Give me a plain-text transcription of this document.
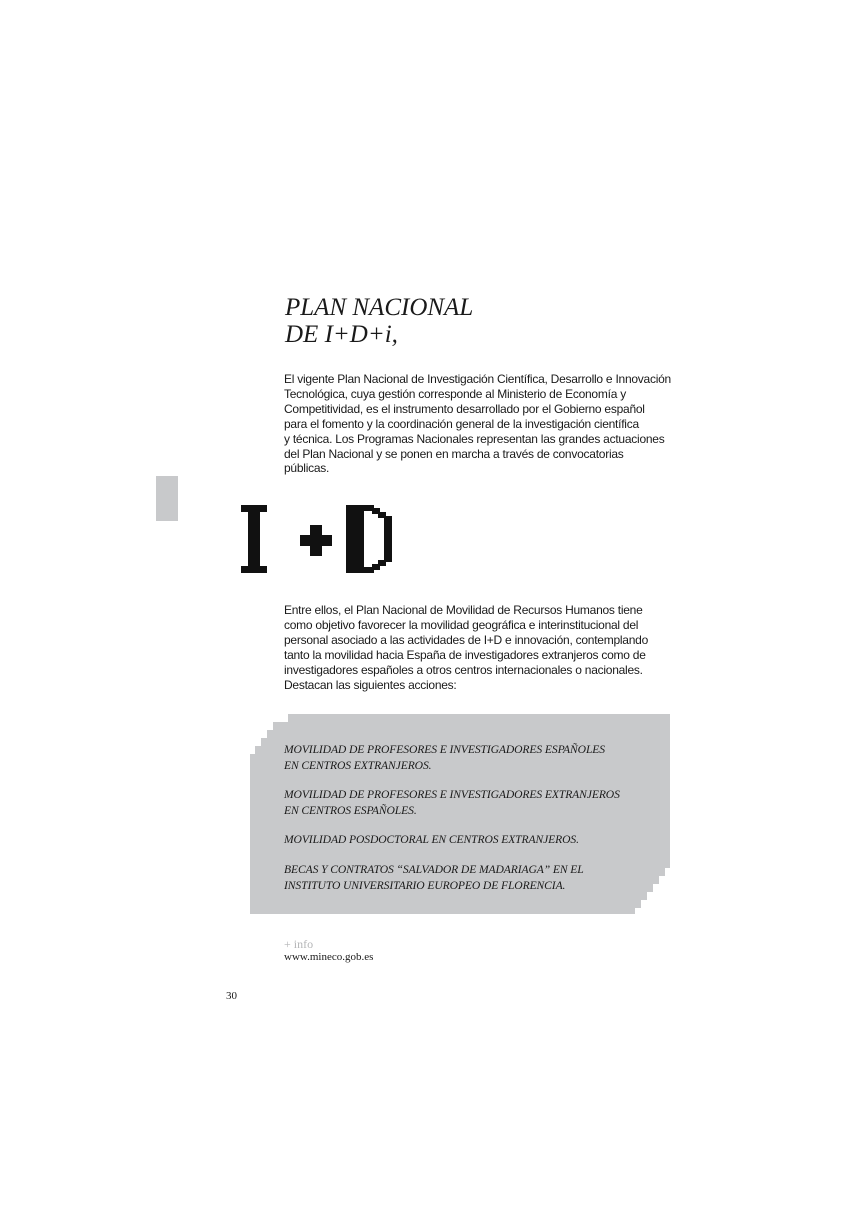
PLAN NACIONAL
DE I+D+i,
El vigente Plan Nacional de Investigación Científica, Desarrollo e Innovación
Tecnológica, cuya gestión corresponde al Ministerio de Economía y
Competitividad, es el instrumento desarrollado por el Gobierno español
para el fomento y la coordinación general de la investigación científica
y técnica. Los Programas Nacionales representan las grandes actuaciones
del Plan Nacional y se ponen en marcha a través de convocatorias
públicas.
Entre ellos, el Plan Nacional de Movilidad de Recursos Humanos tiene
como objetivo favorecer la movilidad geográfica e interinstitucional del
personal asociado a las actividades de I+D e innovación, contemplando
tanto la movilidad hacia España de investigadores extranjeros como de
investigadores españoles a otros centros internacionales o nacionales.
Destacan las siguientes acciones:

MOVILIDAD DE PROFESORES E INVESTIGADORES ESPAÑOLES
EN CENTROS EXTRANJEROS.

MOVILIDAD DE PROFESORES E INVESTIGADORES EXTRANJEROS
EN CENTROS ESPAÑOLES.

MOVILIDAD POSDOCTORAL EN CENTROS EXTRANJEROS.

BECAS Y CONTRATOS “SALVADOR DE MADARIAGA” EN EL
INSTITUTO UNIVERSITARIO EUROPEO DE FLORENCIA.

+ info
www.mineco.gob.es
30
